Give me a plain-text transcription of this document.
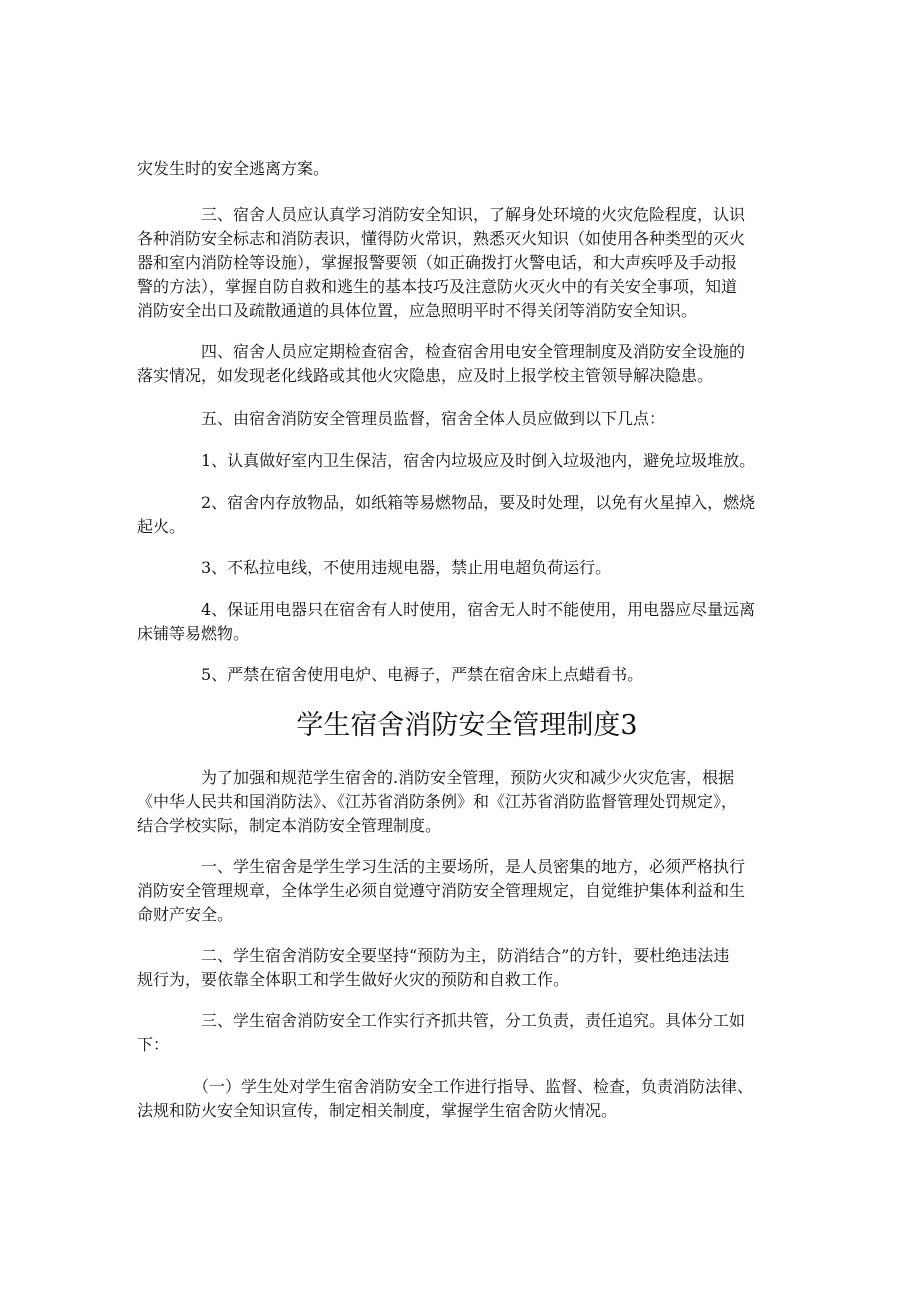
灾发生时的安全逃离方案。
　　　　三、宿舍人员应认真学习消防安全知识，了解身处环境的火灾危险程度，认识
各种消防安全标志和消防表识，懂得防火常识，熟悉灭火知识（如使用各种类型的灭火
器和室内消防栓等设施），掌握报警要领（如正确拨打火警电话，和大声疾呼及手动报
警的方法），掌握自防自救和逃生的基本技巧及注意防火灭火中的有关安全事项，知道
消防安全出口及疏散通道的具体位置，应急照明平时不得关闭等消防安全知识。
　　　　四、宿舍人员应定期检查宿舍，检查宿舍用电安全管理制度及消防安全设施的
落实情况，如发现老化线路或其他火灾隐患，应及时上报学校主管领导解决隐患。
　　　　五、由宿舍消防安全管理员监督，宿舍全体人员应做到以下几点：
　　　　1、认真做好室内卫生保洁，宿舍内垃圾应及时倒入垃圾池内，避免垃圾堆放。
　　　　2、宿舍内存放物品，如纸箱等易燃物品，要及时处理，以免有火星掉入，燃烧
起火。
　　　　3、不私拉电线，不使用违规电器，禁止用电超负荷运行。
　　　　4、保证用电器只在宿舍有人时使用，宿舍无人时不能使用，用电器应尽量远离
床铺等易燃物。
　　　　5、严禁在宿舍使用电炉、电褥子，严禁在宿舍床上点蜡看书。
学生宿舍消防安全管理制度3
　　　　为了加强和规范学生宿舍的.消防安全管理，预防火灾和减少火灾危害，根据
《中华人民共和国消防法》、《江苏省消防条例》和《江苏省消防监督管理处罚规定》，
结合学校实际，制定本消防安全管理制度。
　　　　一、学生宿舍是学生学习生活的主要场所，是人员密集的地方，必须严格执行
消防安全管理规章，全体学生必须自觉遵守消防安全管理规定，自觉维护集体利益和生
命财产安全。
　　　　二、学生宿舍消防安全要坚持“预防为主，防消结合”的方针，要杜绝违法违
规行为，要依靠全体职工和学生做好火灾的预防和自救工作。
　　　　三、学生宿舍消防安全工作实行齐抓共管，分工负责，责任追究。具体分工如
下：
　　　　（一）学生处对学生宿舍消防安全工作进行指导、监督、检查，负责消防法律、
法规和防火安全知识宣传，制定相关制度，掌握学生宿舍防火情况。
